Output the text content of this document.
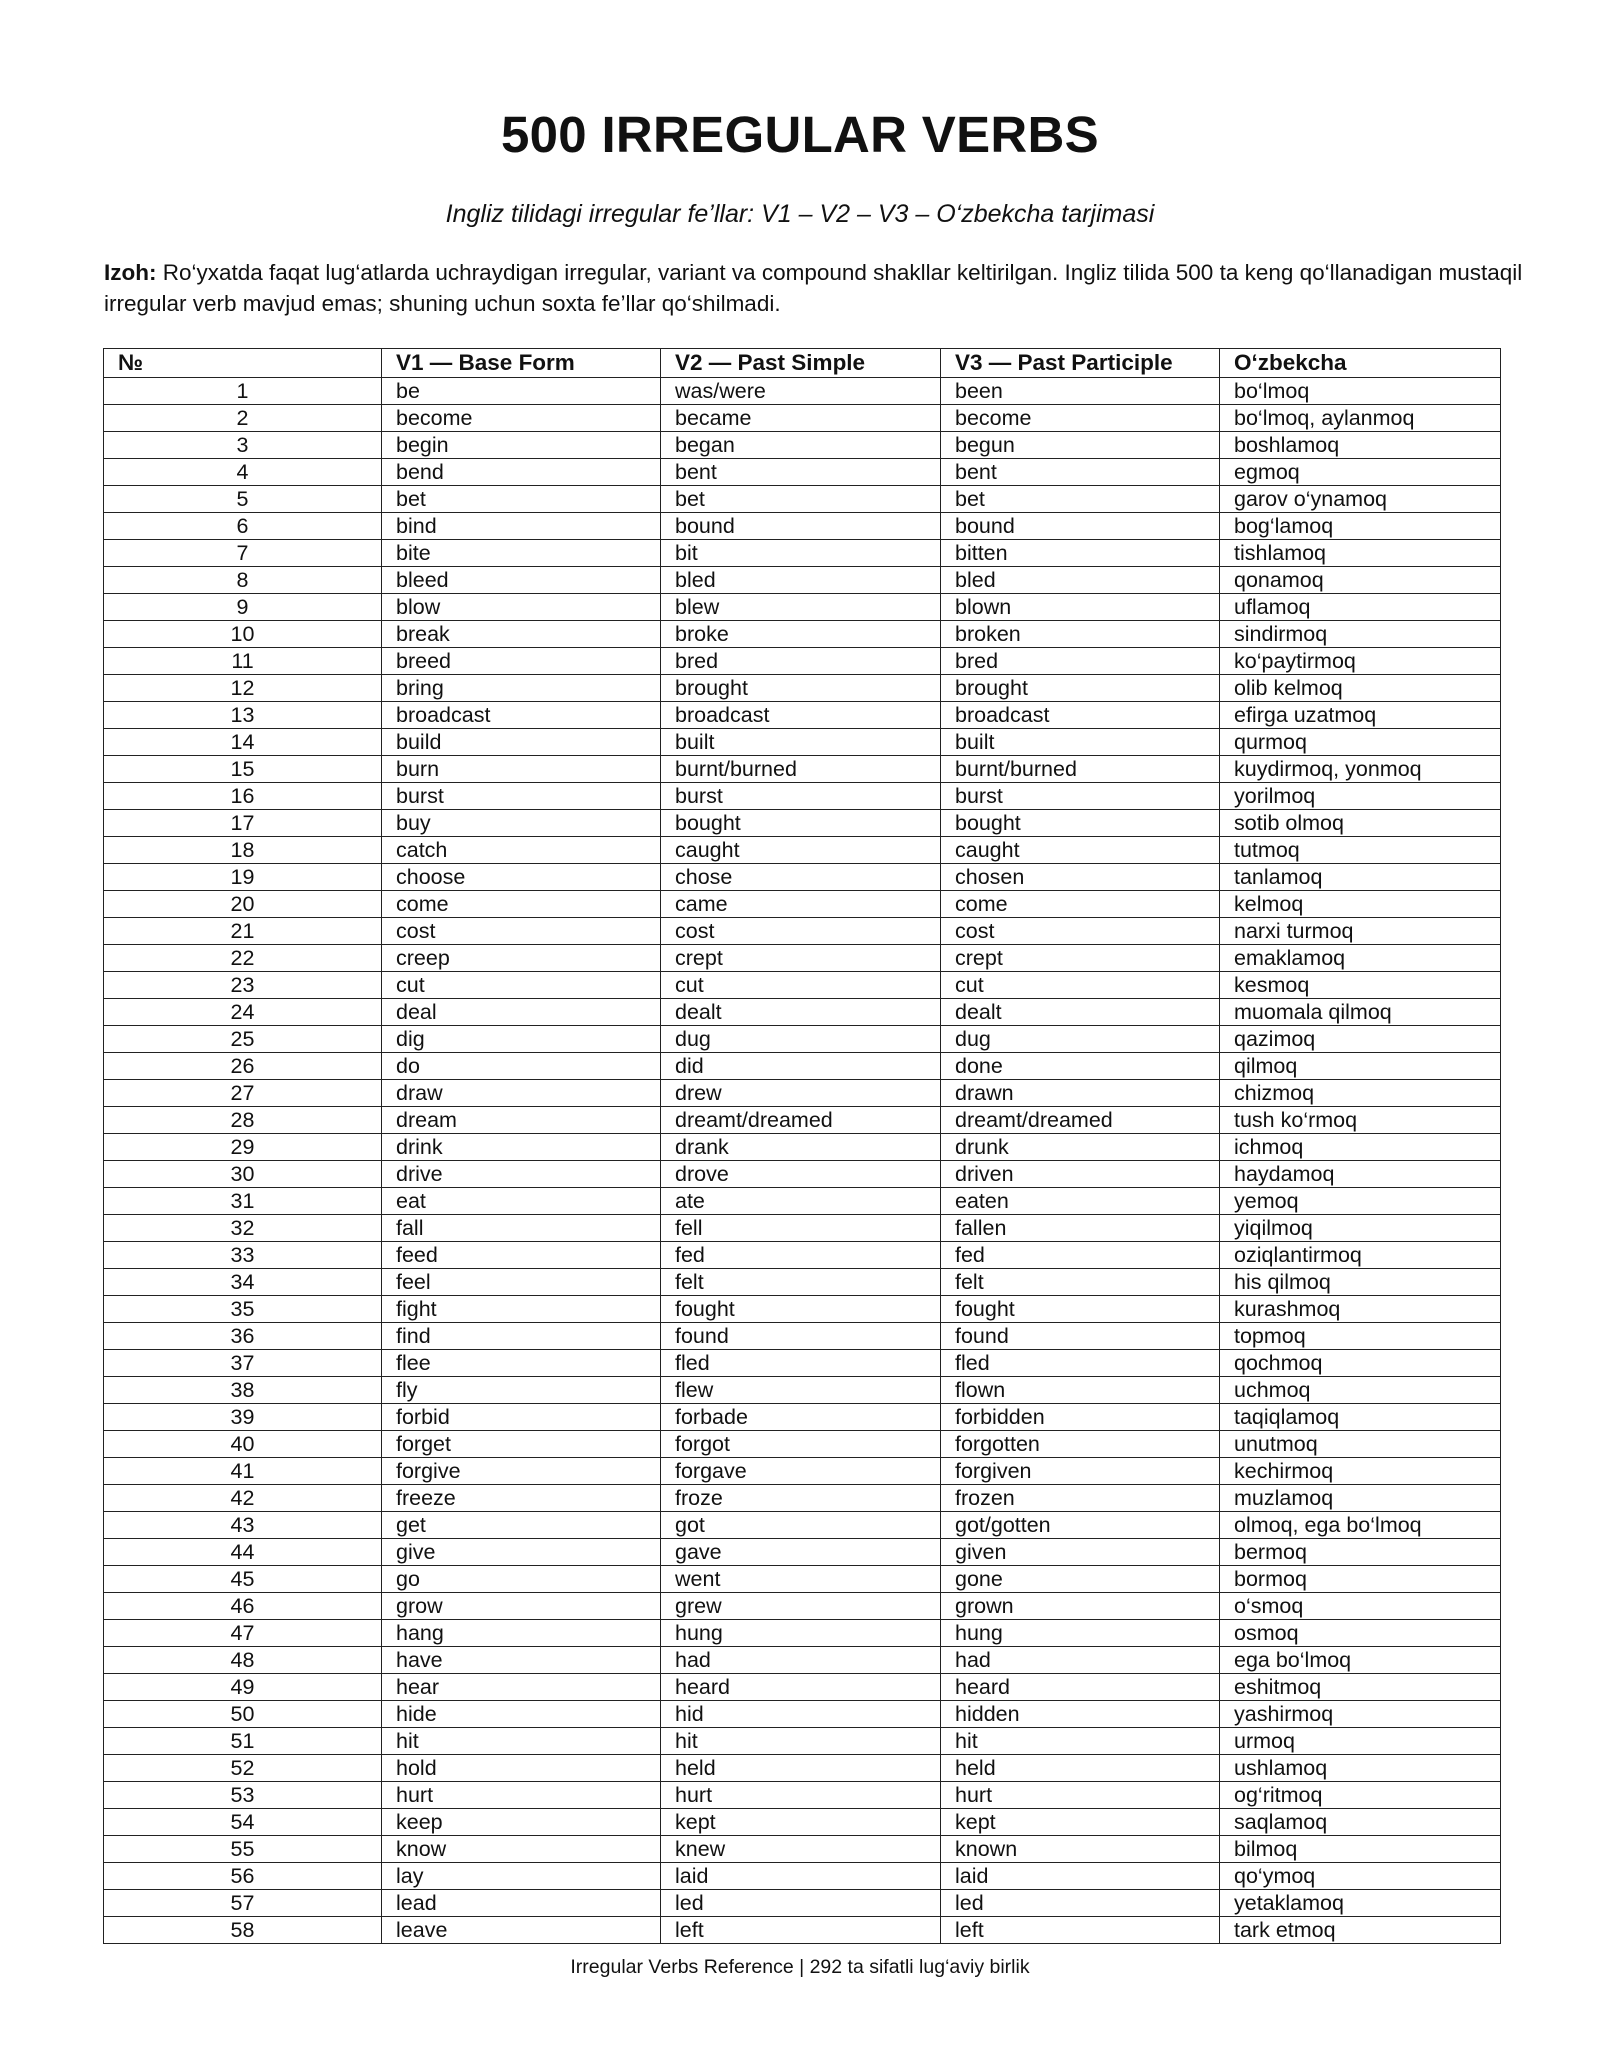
500 IRREGULAR VERBS

Ingliz tilidagi irregular fe’llar: V1 – V2 – V3 – O‘zbekcha tarjimasi

Izoh: Ro‘yxatda faqat lug‘atlarda uchraydigan irregular, variant va compound shakllar keltirilgan. Ingliz tilida 500 ta keng qo‘llanadigan mustaqil irregular verb mavjud emas; shuning uchun soxta fe’llar qo‘shilmadi.

№	V1 — Base Form	V2 — Past Simple	V3 — Past Participle	O‘zbekcha
1	be	was/were	been	bo‘lmoq
2	become	became	become	bo‘lmoq, aylanmoq
3	begin	began	begun	boshlamoq
4	bend	bent	bent	egmoq
5	bet	bet	bet	garov o‘ynamoq
6	bind	bound	bound	bog‘lamoq
7	bite	bit	bitten	tishlamoq
8	bleed	bled	bled	qonamoq
9	blow	blew	blown	uflamoq
10	break	broke	broken	sindirmoq
11	breed	bred	bred	ko‘paytirmoq
12	bring	brought	brought	olib kelmoq
13	broadcast	broadcast	broadcast	efirga uzatmoq
14	build	built	built	qurmoq
15	burn	burnt/burned	burnt/burned	kuydirmoq, yonmoq
16	burst	burst	burst	yorilmoq
17	buy	bought	bought	sotib olmoq
18	catch	caught	caught	tutmoq
19	choose	chose	chosen	tanlamoq
20	come	came	come	kelmoq
21	cost	cost	cost	narxi turmoq
22	creep	crept	crept	emaklamoq
23	cut	cut	cut	kesmoq
24	deal	dealt	dealt	muomala qilmoq
25	dig	dug	dug	qazimoq
26	do	did	done	qilmoq
27	draw	drew	drawn	chizmoq
28	dream	dreamt/dreamed	dreamt/dreamed	tush ko‘rmoq
29	drink	drank	drunk	ichmoq
30	drive	drove	driven	haydamoq
31	eat	ate	eaten	yemoq
32	fall	fell	fallen	yiqilmoq
33	feed	fed	fed	oziqlantirmoq
34	feel	felt	felt	his qilmoq
35	fight	fought	fought	kurashmoq
36	find	found	found	topmoq
37	flee	fled	fled	qochmoq
38	fly	flew	flown	uchmoq
39	forbid	forbade	forbidden	taqiqlamoq
40	forget	forgot	forgotten	unutmoq
41	forgive	forgave	forgiven	kechirmoq
42	freeze	froze	frozen	muzlamoq
43	get	got	got/gotten	olmoq, ega bo‘lmoq
44	give	gave	given	bermoq
45	go	went	gone	bormoq
46	grow	grew	grown	o‘smoq
47	hang	hung	hung	osmoq
48	have	had	had	ega bo‘lmoq
49	hear	heard	heard	eshitmoq
50	hide	hid	hidden	yashirmoq
51	hit	hit	hit	urmoq
52	hold	held	held	ushlamoq
53	hurt	hurt	hurt	og‘ritmoq
54	keep	kept	kept	saqlamoq
55	know	knew	known	bilmoq
56	lay	laid	laid	qo‘ymoq
57	lead	led	led	yetaklamoq
58	leave	left	left	tark etmoq

Irregular Verbs Reference | 292 ta sifatli lug‘aviy birlik
